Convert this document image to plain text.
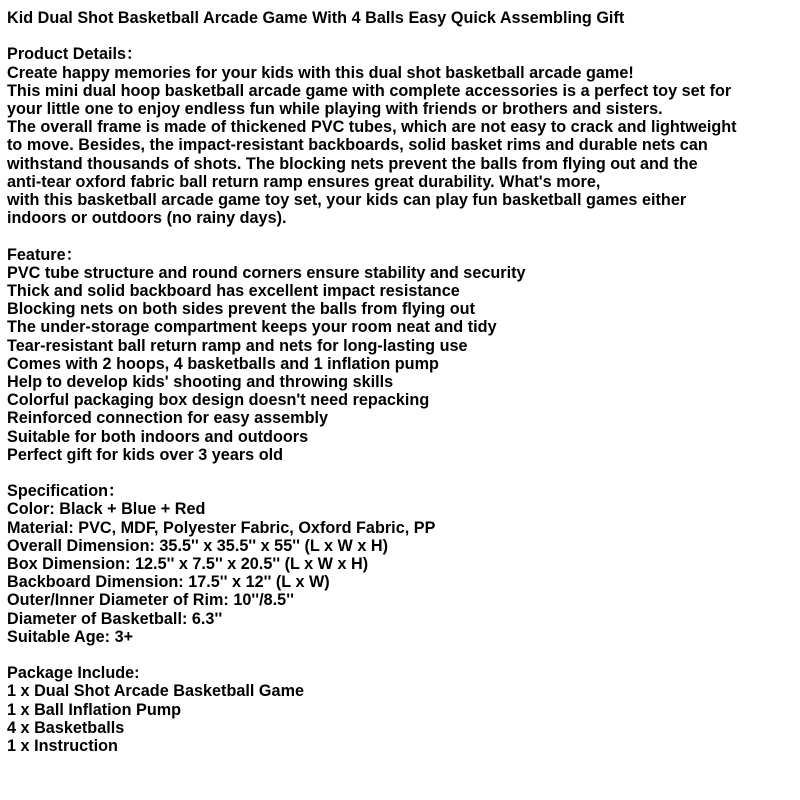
Kid Dual Shot Basketball Arcade Game With 4 Balls Easy Quick Assembling Gift
Product Details：
Create happy memories for your kids with this dual shot basketball arcade game!
This mini dual hoop basketball arcade game with complete accessories is a perfect toy set for
your little one to enjoy endless fun while playing with friends or brothers and sisters.
The overall frame is made of thickened PVC tubes, which are not easy to crack and lightweight
to move. Besides, the impact-resistant backboards, solid basket rims and durable nets can
withstand thousands of shots. The blocking nets prevent the balls from flying out and the
anti-tear oxford fabric ball return ramp ensures great durability. What's more,
with this basketball arcade game toy set, your kids can play fun basketball games either
indoors or outdoors (no rainy days).
Feature：
PVC tube structure and round corners ensure stability and security
Thick and solid backboard has excellent impact resistance
Blocking nets on both sides prevent the balls from flying out
The under-storage compartment keeps your room neat and tidy
Tear-resistant ball return ramp and nets for long-lasting use
Comes with 2 hoops, 4 basketballs and 1 inflation pump
Help to develop kids' shooting and throwing skills
Colorful packaging box design doesn't need repacking
Reinforced connection for easy assembly
Suitable for both indoors and outdoors
Perfect gift for kids over 3 years old
Specification：
Color: Black + Blue + Red
Material: PVC, MDF, Polyester Fabric, Oxford Fabric, PP
Overall Dimension: 35.5'' x 35.5'' x 55'' (L x W x H)
Box Dimension: 12.5'' x 7.5'' x 20.5'' (L x W x H)
Backboard Dimension: 17.5'' x 12'' (L x W)
Outer/Inner Diameter of Rim: 10''/8.5''
Diameter of Basketball: 6.3''
Suitable Age: 3+
Package Include:
1 x Dual Shot Arcade Basketball Game
1 x Ball Inflation Pump
4 x Basketballs
1 x Instruction
